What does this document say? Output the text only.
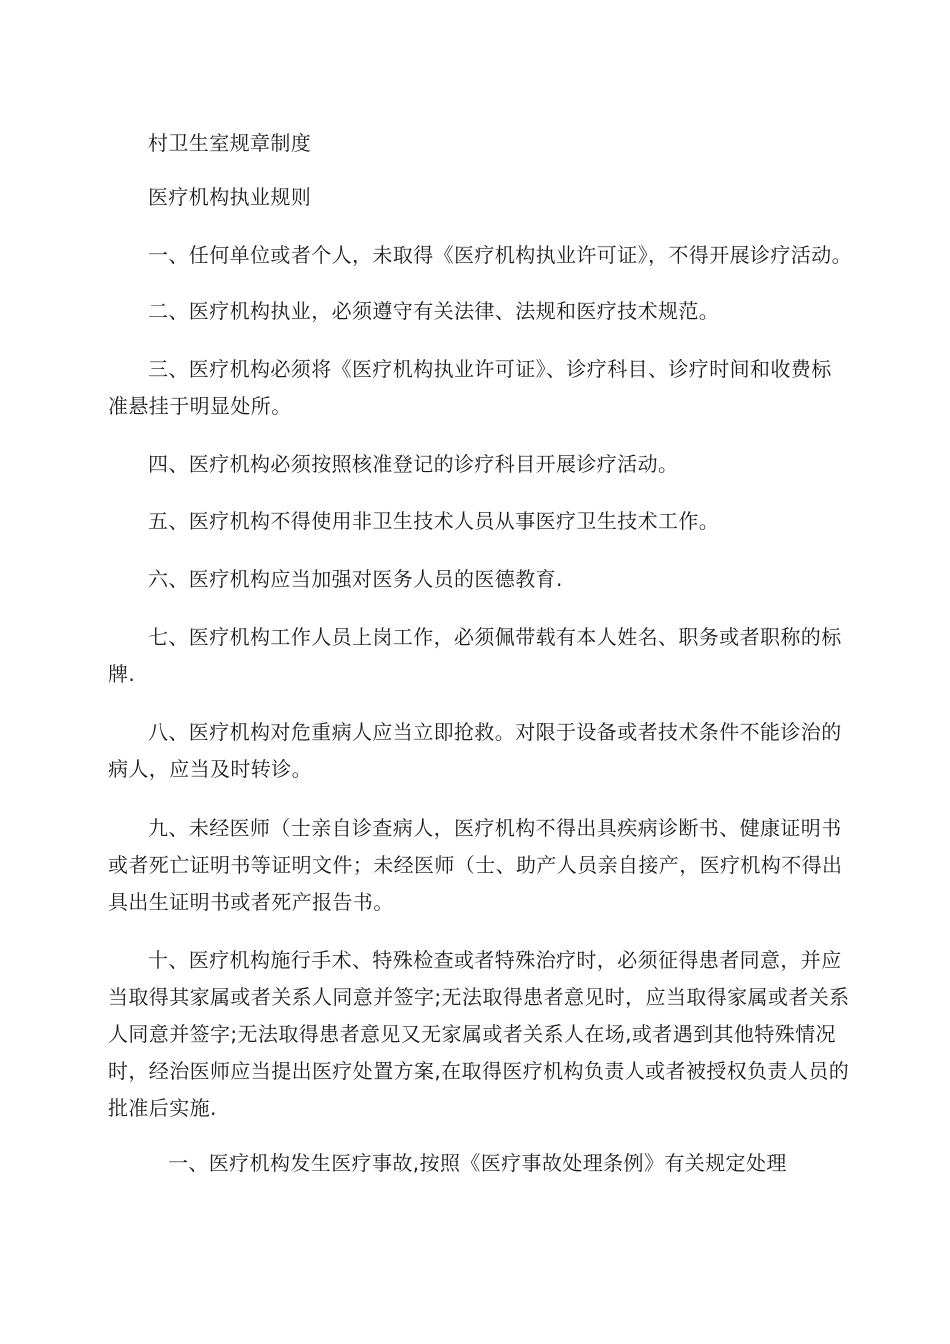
村卫生室规章制度
医疗机构执业规则
一、任何单位或者个人，未取得《医疗机构执业许可证》，不得开展诊疗活动。
二、医疗机构执业，必须遵守有关法律、法规和医疗技术规范。
三、医疗机构必须将《医疗机构执业许可证》、诊疗科目、诊疗时间和收费标
准悬挂于明显处所。
四、医疗机构必须按照核准登记的诊疗科目开展诊疗活动。
五、医疗机构不得使用非卫生技术人员从事医疗卫生技术工作。
六、医疗机构应当加强对医务人员的医德教育.
七、医疗机构工作人员上岗工作，必须佩带载有本人姓名、职务或者职称的标
牌.
八、医疗机构对危重病人应当立即抢救。对限于设备或者技术条件不能诊治的
病人，应当及时转诊。
九、未经医师（士亲自诊查病人，医疗机构不得出具疾病诊断书、健康证明书
或者死亡证明书等证明文件；未经医师（士、助产人员亲自接产，医疗机构不得出
具出生证明书或者死产报告书。
十、医疗机构施行手术、特殊检查或者特殊治疗时，必须征得患者同意，并应
当取得其家属或者关系人同意并签字;无法取得患者意见时，应当取得家属或者关系
人同意并签字;无法取得患者意见又无家属或者关系人在场,或者遇到其他特殊情况
时，经治医师应当提出医疗处置方案,在取得医疗机构负责人或者被授权负责人员的
批准后实施.
一、医疗机构发生医疗事故,按照《医疗事故处理条例》有关规定处理
